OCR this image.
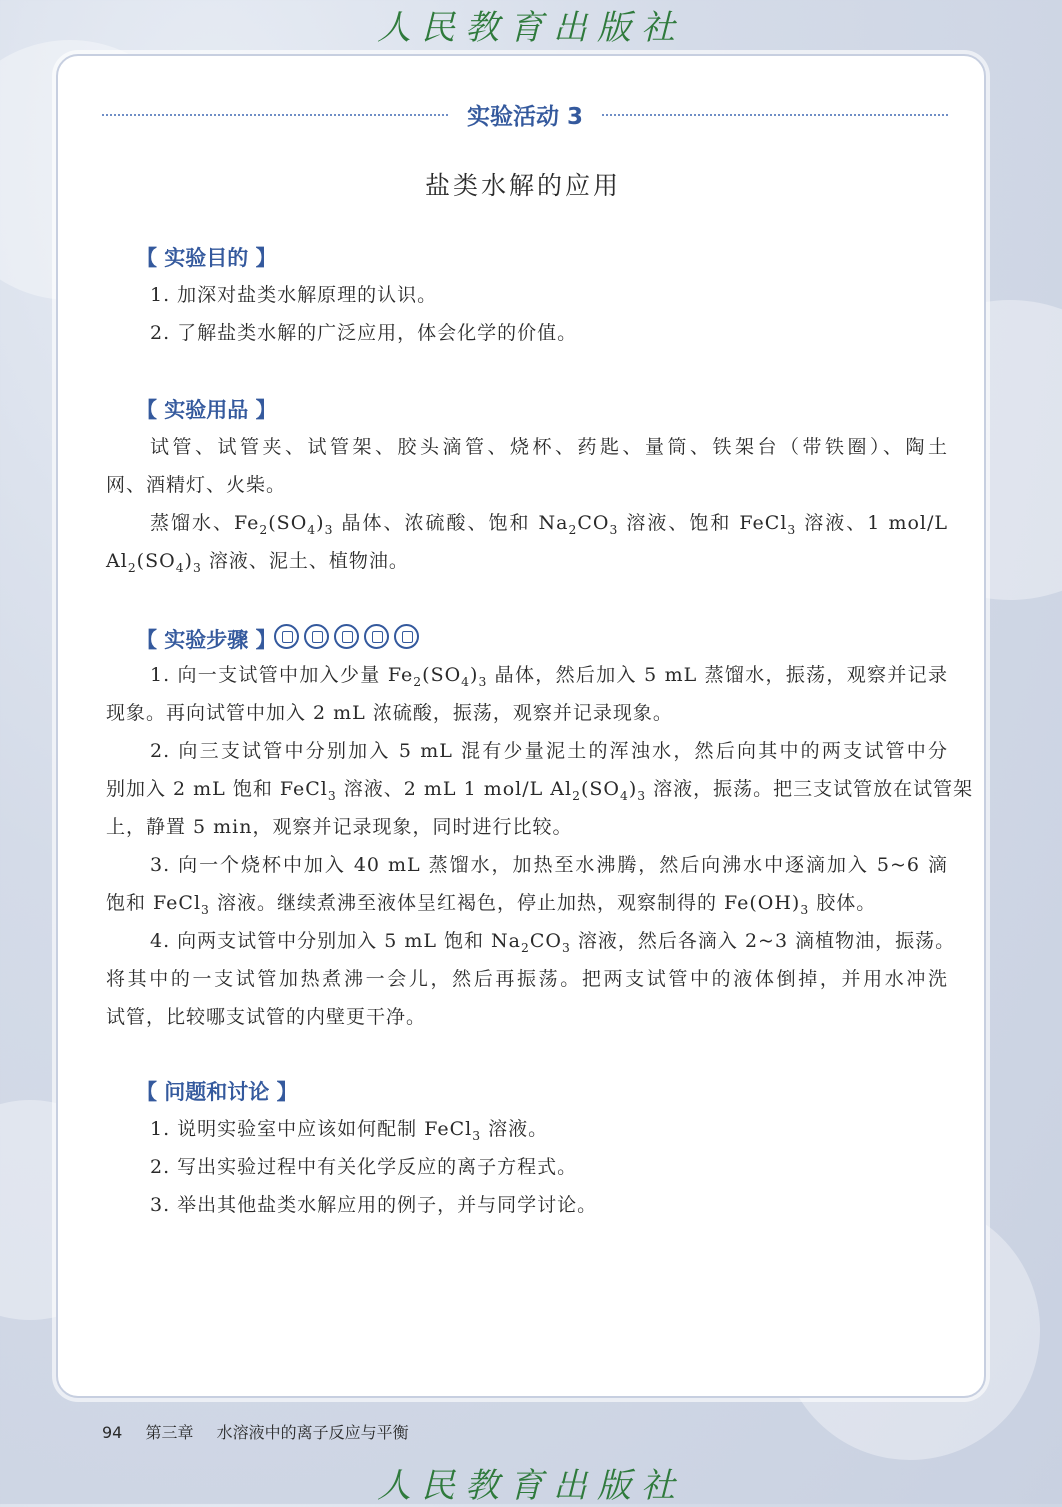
人民教育出版社
实验活动 3
盐类水解的应用
【 实验目的 】
1. 加深对盐类水解原理的认识。
2. 了解盐类水解的广泛应用，体会化学的价值。
【 实验用品 】
试管、试管夹、试管架、胶头滴管、烧杯、药匙、量筒、铁架台（带铁圈）、陶土
网、酒精灯、火柴。
蒸馏水、$Fe_2(SO_4)_3$ 晶体、浓硫酸、饱和 $Na_2CO_3$ 溶液、饱和 FeCl$_3$ 溶液、1 mol/L
$Al_2(SO_4)_3$ 溶液、泥土、植物油。
【 实验步骤 】
1. 向一支试管中加入少量 $Fe_2(SO_4)_3$ 晶体，然后加入 5 mL 蒸馏水，振荡，观察并记录
现象。再向试管中加入 2 mL 浓硫酸，振荡，观察并记录现象。
2. 向三支试管中分别加入 5 mL 混有少量泥土的浑浊水，然后向其中的两支试管中分
别加入 2 mL 饱和 FeCl$_3$ 溶液、2 mL 1 mol/L $Al_2(SO_4)_3$ 溶液，振荡。把三支试管放在试管架
上，静置 5 min，观察并记录现象，同时进行比较。
3. 向一个烧杯中加入 40 mL 蒸馏水，加热至水沸腾，然后向沸水中逐滴加入 5~6 滴
饱和 FeCl$_3$ 溶液。继续煮沸至液体呈红褐色，停止加热，观察制得的 $Fe(OH)_3$ 胶体。
4. 向两支试管中分别加入 5 mL 饱和 $Na_2CO_3$ 溶液，然后各滴入 2~3 滴植物油，振荡。
将其中的一支试管加热煮沸一会儿，然后再振荡。把两支试管中的液体倒掉，并用水冲洗
试管，比较哪支试管的内壁更干净。
【 问题和讨论 】
1. 说明实验室中应该如何配制 FeCl$_3$ 溶液。
2. 写出实验过程中有关化学反应的离子方程式。
3. 举出其他盐类水解应用的例子，并与同学讨论。
94 第三章 水溶液中的离子反应与平衡
人民教育出版社
